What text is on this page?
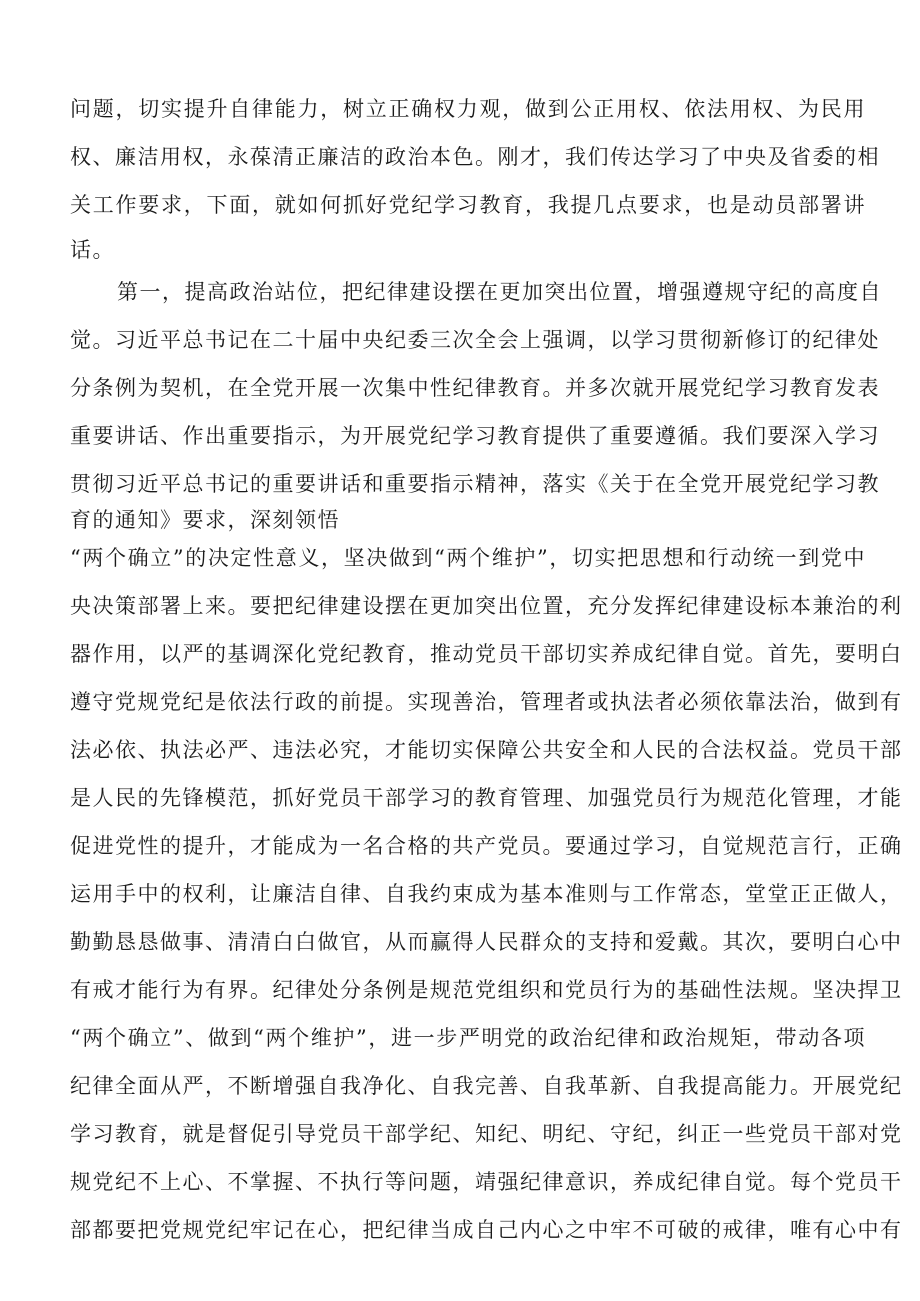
问题，切实提升自律能力，树立正确权力观，做到公正用权、依法用权、为民用
权、廉洁用权，永葆清正廉洁的政治本色。刚才，我们传达学习了中央及省委的相
关工作要求，下面，就如何抓好党纪学习教育，我提几点要求，也是动员部署讲
话。
第一，提高政治站位，把纪律建设摆在更加突出位置，增强遵规守纪的高度自
觉。习近平总书记在二十届中央纪委三次全会上强调，以学习贯彻新修订的纪律处
分条例为契机，在全党开展一次集中性纪律教育。并多次就开展党纪学习教育发表
重要讲话、作出重要指示，为开展党纪学习教育提供了重要遵循。我们要深入学习
贯彻习近平总书记的重要讲话和重要指示精神，落实《关于在全党开展党纪学习教
育的通知》要求，深刻领悟
“两个确立”的决定性意义，坚决做到“两个维护”，切实把思想和行动统一到党中
央决策部署上来。要把纪律建设摆在更加突出位置，充分发挥纪律建设标本兼治的利
器作用，以严的基调深化党纪教育，推动党员干部切实养成纪律自觉。首先，要明白
遵守党规党纪是依法行政的前提。实现善治，管理者或执法者必须依靠法治，做到有
法必依、执法必严、违法必究，才能切实保障公共安全和人民的合法权益。党员干部
是人民的先锋模范，抓好党员干部学习的教育管理、加强党员行为规范化管理，才能
促进党性的提升，才能成为一名合格的共产党员。要通过学习，自觉规范言行，正确
运用手中的权利，让廉洁自律、自我约束成为基本准则与工作常态，堂堂正正做人，
勤勤恳恳做事、清清白白做官，从而赢得人民群众的支持和爱戴。其次，要明白心中
有戒才能行为有界。纪律处分条例是规范党组织和党员行为的基础性法规。坚决捍卫
“两个确立”、做到“两个维护”，进一步严明党的政治纪律和政治规矩，带动各项
纪律全面从严，不断增强自我净化、自我完善、自我革新、自我提高能力。开展党纪
学习教育，就是督促引导党员干部学纪、知纪、明纪、守纪，纠正一些党员干部对党
规党纪不上心、不掌握、不执行等问题，靖强纪律意识，养成纪律自觉。每个党员干
部都要把党规党纪牢记在心，把纪律当成自己内心之中牢不可破的戒律，唯有心中有
